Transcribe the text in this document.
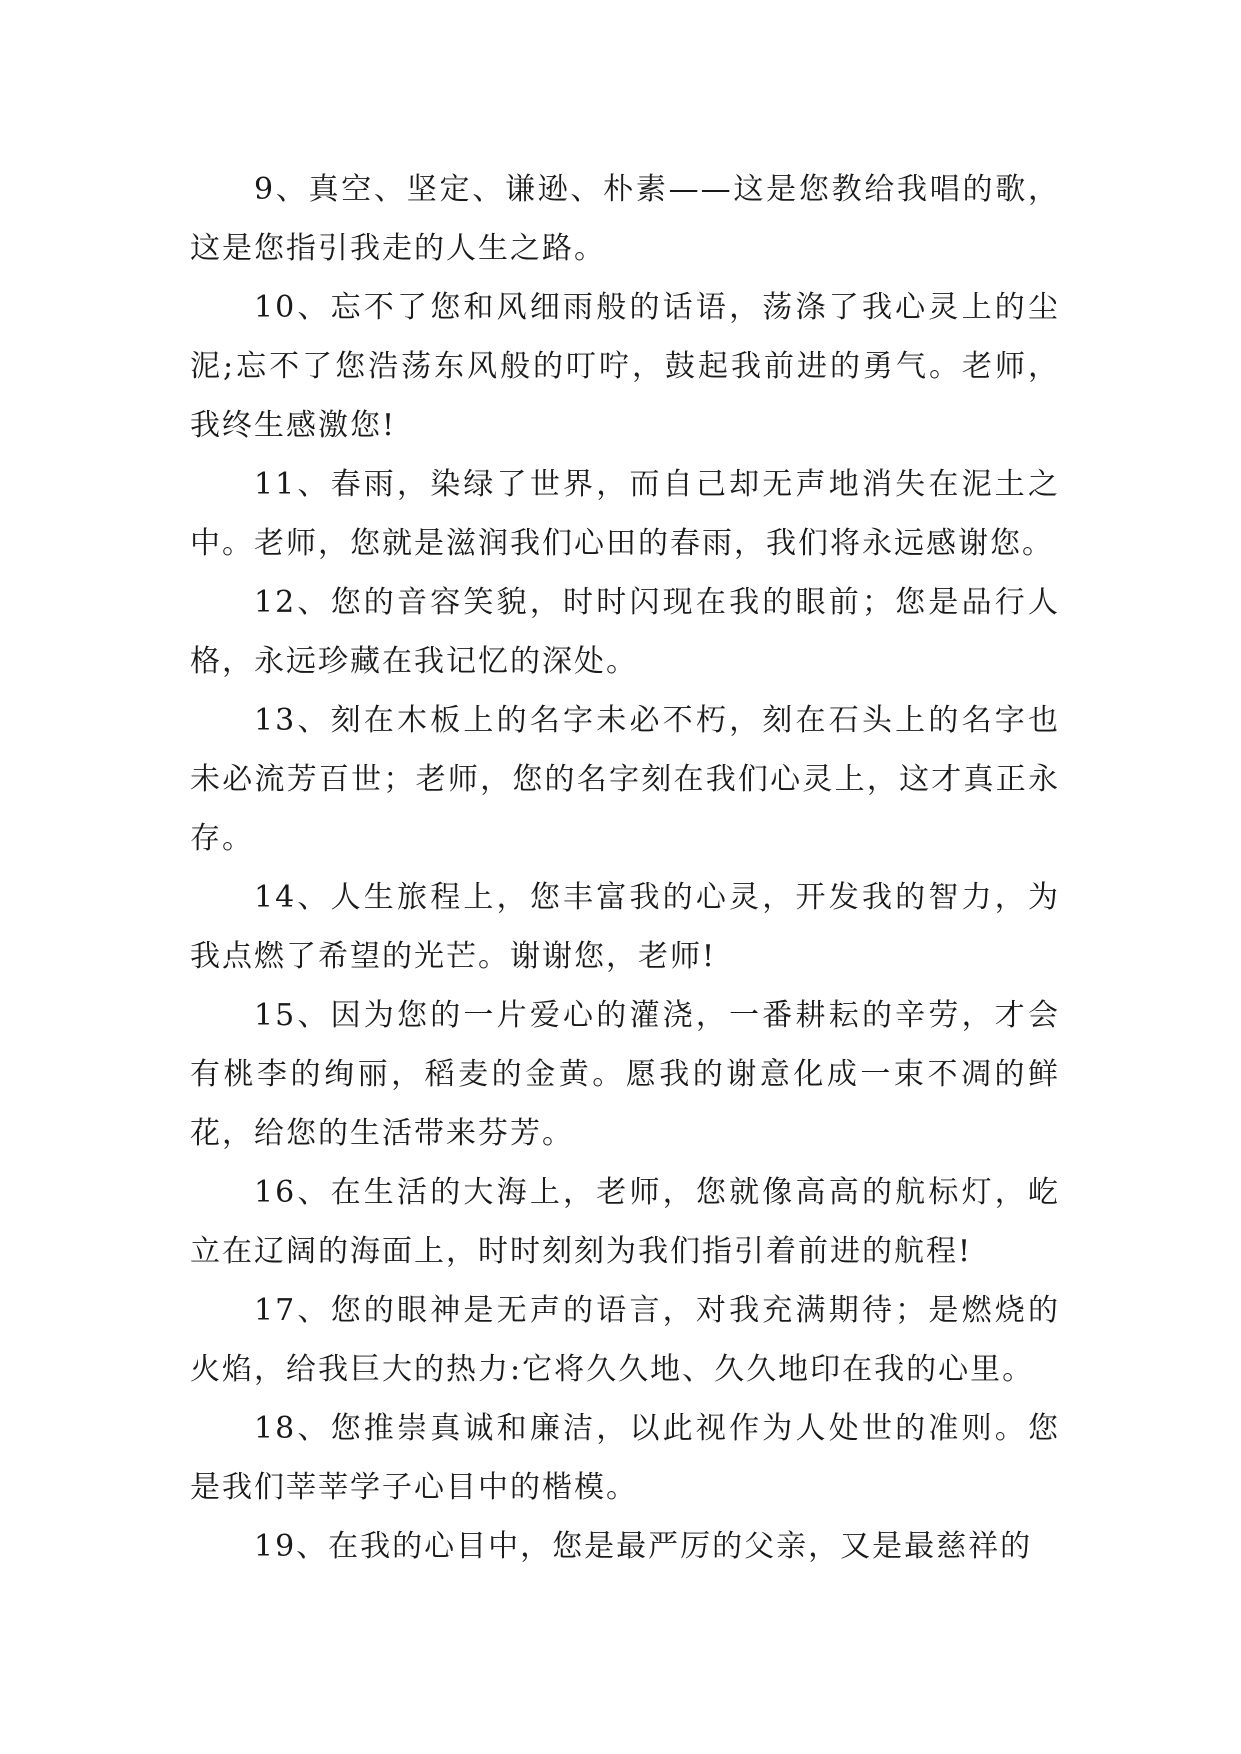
9、真空、坚定、谦逊、朴素——这是您教给我唱的歌，这是您指引我走的人生之路。

10、忘不了您和风细雨般的话语，荡涤了我心灵上的尘泥;忘不了您浩荡东风般的叮咛，鼓起我前进的勇气。老师，我终生感激您!

11、春雨，染绿了世界，而自己却无声地消失在泥土之中。老师，您就是滋润我们心田的春雨，我们将永远感谢您。

12、您的音容笑貌，时时闪现在我的眼前；您是品行人格，永远珍藏在我记忆的深处。

13、刻在木板上的名字未必不朽，刻在石头上的名字也未必流芳百世；老师，您的名字刻在我们心灵上，这才真正永存。

14、人生旅程上，您丰富我的心灵，开发我的智力，为我点燃了希望的光芒。谢谢您，老师!

15、因为您的一片爱心的灌浇，一番耕耘的辛劳，才会有桃李的绚丽，稻麦的金黄。愿我的谢意化成一束不凋的鲜花，给您的生活带来芬芳。

16、在生活的大海上，老师，您就像高高的航标灯，屹立在辽阔的海面上，时时刻刻为我们指引着前进的航程!

17、您的眼神是无声的语言，对我充满期待；是燃烧的火焰，给我巨大的热力:它将久久地、久久地印在我的心里。

18、您推崇真诚和廉洁，以此视作为人处世的准则。您是我们莘莘学子心目中的楷模。

19、在我的心目中，您是最严厉的父亲，又是最慈祥的
